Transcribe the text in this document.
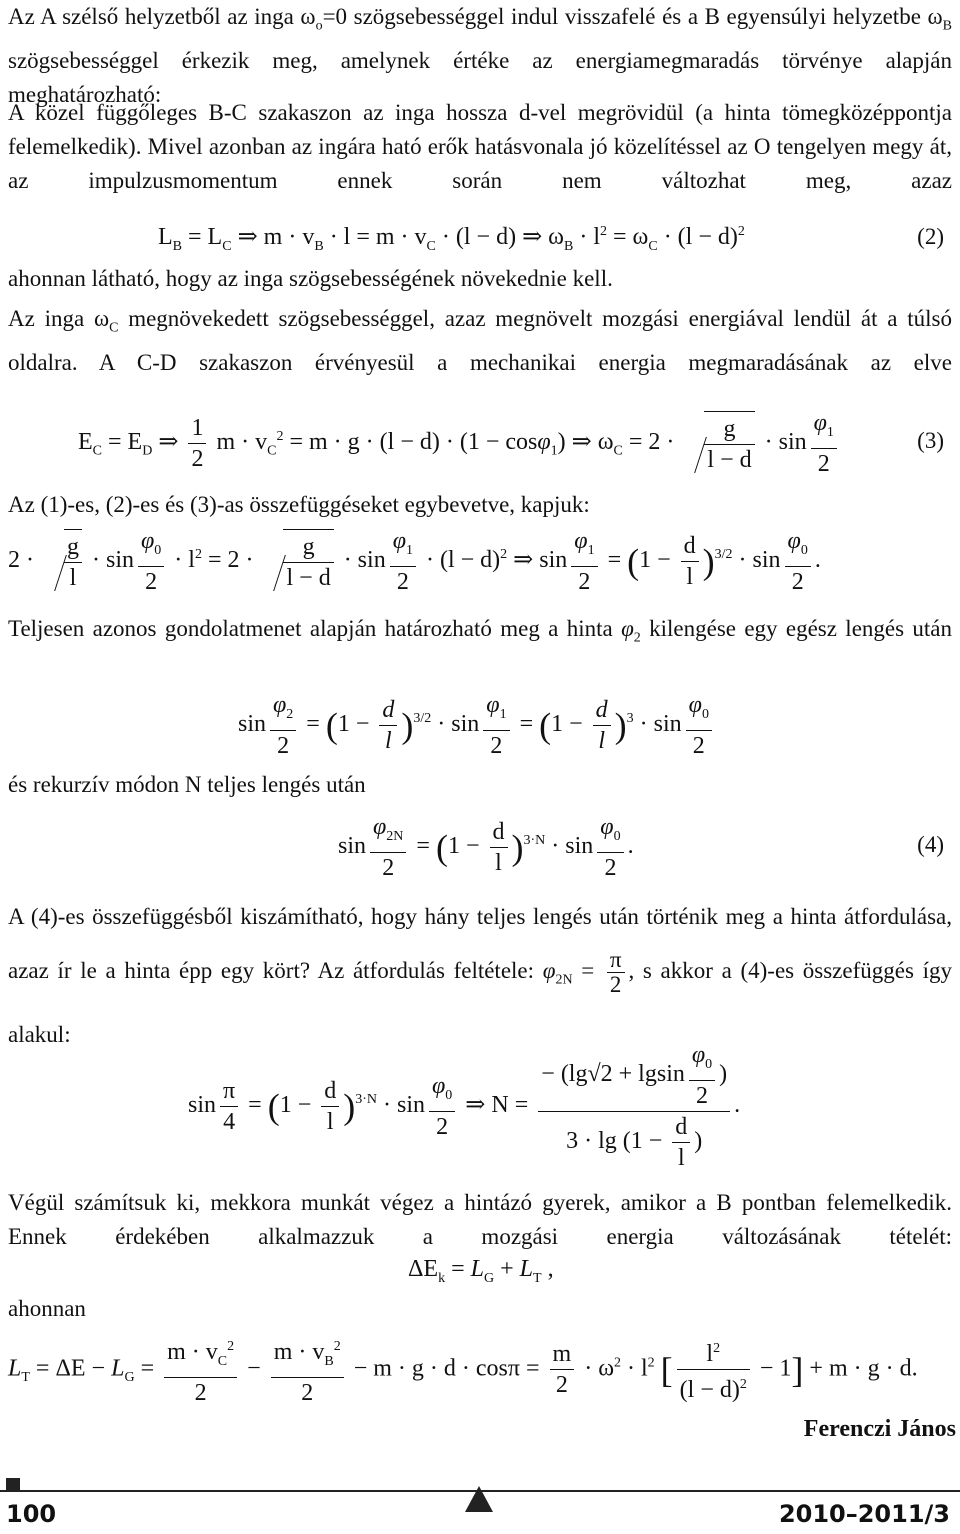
Az A szélső helyzetből az inga $\omega_o=0$ szögsebességgel indul visszafelé és a B egyensúlyi helyzetbe $\omega_B$ szögsebességgel érkezik meg, amelynek értéke az energiamegmaradás törvénye alapján meghatározható:
A közel függőleges B-C szakaszon az inga hossza d-vel megrövidül (a hinta tömegközéppontja felemelkedik). Mivel azonban az ingára ható erők hatásvonala jó közelítéssel az O tengelyen megy át, az impulzusmomentum ennek során nem változhat meg, azaz
$L_B = L_C$ ⇒ $m \cdot v_B \cdot l = m \cdot v_C \cdot (l - d)$ ⇒ $\omega_B \cdot l^2 = \omega_C \cdot (l - d)^2$	(2)
ahonnan látható, hogy az inga szögsebességének növekednie kell.
Az inga $\omega_C$ megnövekedett szögsebességgel, azaz megnövelt mozgási energiával lendül át a túlsó oldalra. A C-D szakaszon érvényesül a mechanikai energia megmaradásának az elve
$E_C = E_D$ ⇒ $\frac{1}{2}$ $m \cdot v_C^2 = m \cdot g \cdot (l - d) \cdot (1 - \cos\varphi_1)$ ⇒ $\omega_C = 2 \cdot \frac{g}{l - d} \cdot \sin \frac{\varphi_1}{2}$	(3)
Az (1)-es, (2)-es és (3)-as összefüggéseket egybevetve, kapjuk:
$2 \cdot \frac{g}{l} \cdot \sin \frac{\varphi_0}{2} \cdot l^2 = 2 \cdot \frac{g}{l - d} \cdot \sin \frac{\varphi_1}{2} \cdot (l - d)^2$ ⇒ $\sin \frac{\varphi_1}{2} = (1 - \frac{d}{l} )^{3/2} \cdot \sin \frac{\varphi_0}{2}$ .
Teljesen azonos gondolatmenet alapján határozható meg a hinta $\varphi_2$ kilengése egy egész lengés után
$\sin \frac{\varphi_2}{2} = (1 - \frac{d}{l} )^{3/2} \cdot \sin \frac{\varphi_1}{2} = (1 - \frac{d}{l} )^3 \cdot \sin \frac{\varphi_0}{2}$
és rekurzív módon N teljes lengés után
$\sin \frac{\varphi_{2N}}{2} = (1 - \frac{d}{l} )^{3\cdot N} \cdot \sin \frac{\varphi_0}{2}$ .	(4)
A (4)-es összefüggésből kiszámítható, hogy hány teljes lengés után történik meg a hinta átfordulása, azaz ír le a hinta épp egy kört? Az átfordulás feltétele: $\varphi_{2N} = \frac{\pi}{2}$ , s akkor a (4)-es összefüggés így alakul:
$\sin \frac{\pi}{4} = (1 - \frac{d}{l} )^{3\cdot N} \cdot \sin \frac{\varphi_0}{2}$ ⇒ $N = \frac{- (\lg√2 + lgsin \frac{\varphi_0}{2} )}{3 \cdot \lg (1 - \frac{d}{l} )}$ .
Végül számítsuk ki, mekkora munkát végez a hintázó gyerek, amikor a B pontban felemelkedik. Ennek érdekében alkalmazzuk a mozgási energia változásának tételét:
$\Delta E_k = L_G + L_T$ ,
ahonnan
$L_T = \Delta E - L_G = \frac{m \cdot v_C^2}{2} - \frac{m \cdot v_B^2}{2} - m \cdot g \cdot d \cdot \cos\pi = \frac{m}{2} \cdot \omega^2 \cdot l^2$ [ $\frac{l^2}{(l - d)^2} - 1] + m \cdot g \cdot d$.
Ferenczi János
100	2010–2011/3
